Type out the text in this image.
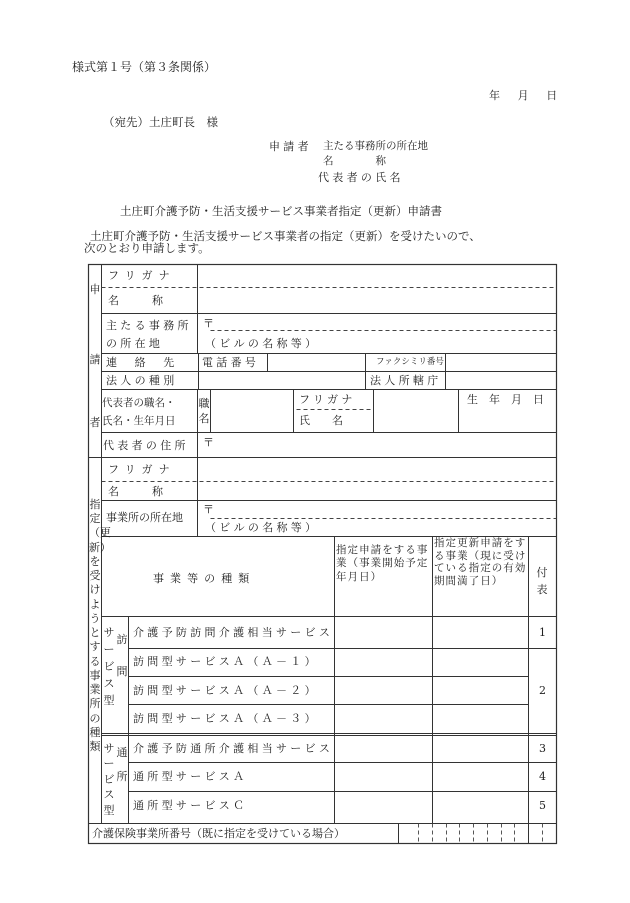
様式第１号（第３条関係）
年　月　日
（宛先）土庄町長　様
申請者 主たる事務所の所在地
名　　　　称
代表者の氏名
土庄町介護予防・生活支援サービス事業者指定（更新）申請書
土庄町介護予防・生活支援サービス事業者の指定（更新）を受けたいので、
次のとおり申請します。
申
請
者
フリガナ
名　　　称
主たる事務所
の所在地
〒
（ビルの名称等）
連　絡　先 電話番号	ファクシミリ番号
法人の種別	法人所轄庁
代表者の職名・
氏名・生年月日
職名
フリガナ
氏　　名
生　年　月　日
代表者の住所 〒
指定（更新）を受けようとする事業所の種類
フリガナ
名　　　称
事業所の所在地
〒
（ビルの名称等）
事業等の種類
指定申請をする事業（事業開始予定年月日）
指定更新申請をする事業（現に受けている指定の有効期間満了日）
付表
サービス型
訪問
サービス型
通所
介護予防訪問介護相当サービス
訪問型サービスＡ（Ａ－１）
訪問型サービスＡ（Ａ－２）
訪問型サービスＡ（Ａ－３）
介護予防通所介護相当サービス
通所型サービスＡ
通所型サービスＣ
1
2
3
4
5
介護保険事業所番号（既に指定を受けている場合）
